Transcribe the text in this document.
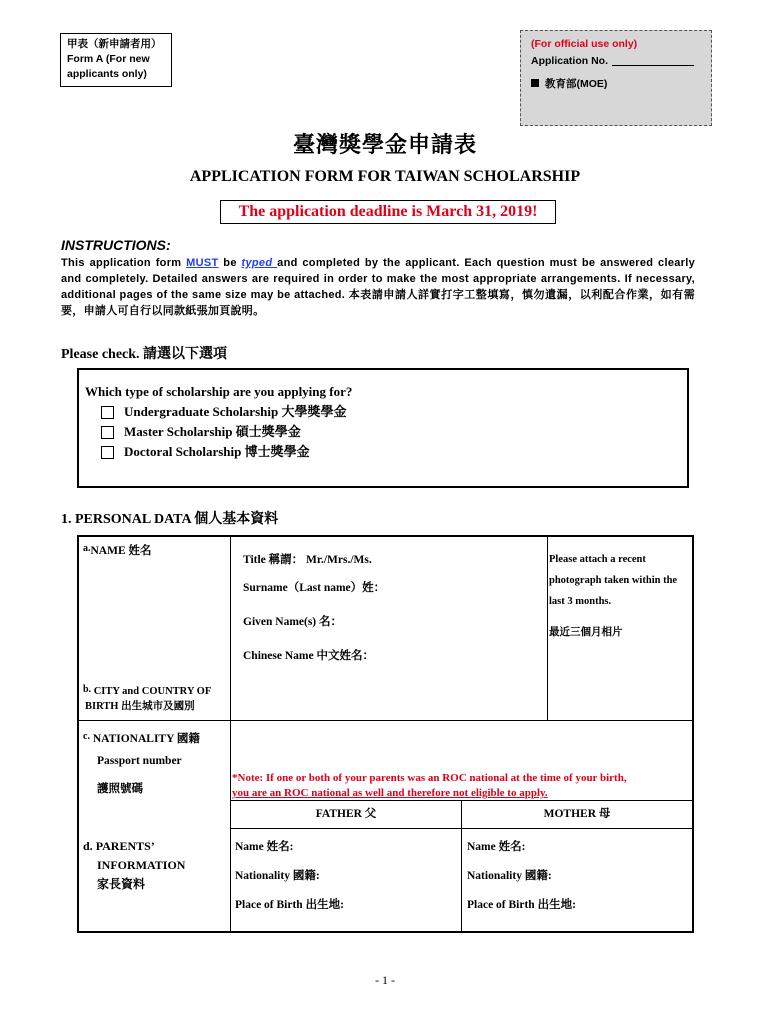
甲表（新申請者用）
Form A (For new
applicants only)
(For official use only)
Application No.
教育部(MOE)
臺灣獎學金申請表
APPLICATION FORM FOR TAIWAN SCHOLARSHIP
The application deadline is March 31, 2019!
INSTRUCTIONS:
This application form MUST be typed and completed by the applicant. Each question must be answered clearly and completely. Detailed answers are required in order to make the most appropriate arrangements. If necessary, additional pages of the same size may be attached. 本表請申請人詳實打字工整填寫，慎勿遺漏，以利配合作業，如有需要，申請人可自行以同款紙張加頁說明。
Please check. 請選以下選項
Which type of scholarship are you applying for?
Undergraduate Scholarship 大學獎學金
Master Scholarship 碩士獎學金
Doctoral Scholarship 博士獎學金
1. PERSONAL DATA 個人基本資料
a.NAME 姓名
Title 稱謂： Mr./Mrs./Ms.
Surname（Last name）姓：
Given Name(s) 名：
Chinese Name 中文姓名：
Please attach a recent
photograph taken within the
last 3 months.
最近三個月相片
b. CITY and COUNTRY OF
BIRTH 出生城市及國別
c. NATIONALITY 國籍
Passport number
護照號碼
*Note: If one or both of your parents was an ROC national at the time of your birth,
you are an ROC national as well and therefore not eligible to apply.
FATHER 父	MOTHER 母
d. PARENTS’
INFORMATION
家長資料
Name 姓名:
Nationality 國籍:
Place of Birth 出生地:
Name 姓名:
Nationality 國籍:
Place of Birth 出生地:
- 1 -
